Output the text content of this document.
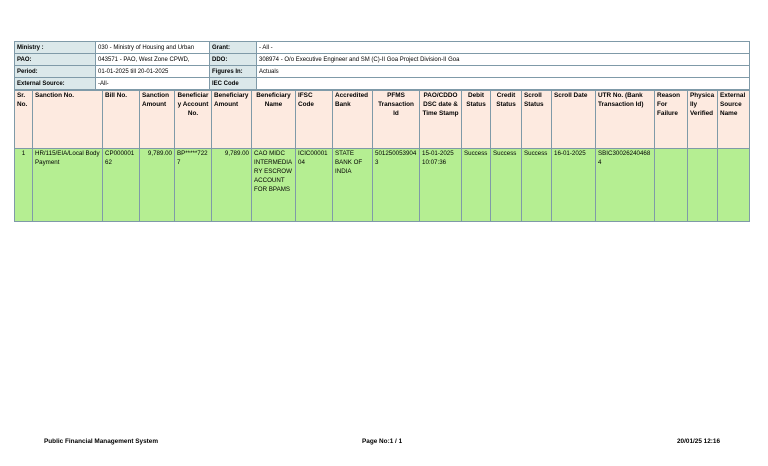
Ministry :	030 - Ministry of Housing and Urban	Grant:	- All -
PAO:	043571 - PAO, West Zone CPWD,	DDO:	308974 - O/o Executive Engineer and SM (C)-II Goa Project Division-II Goa
Period:	01-01-2025 till 20-01-2025	Figures In:	Actuals
External Source:	-All-	IEC Code	
Sr. No.	Sanction No.	Bill No.	Sanction Amount	Beneficiary Account No.	Beneficiary Amount	Beneficiary Name	IFSC Code	Accredited Bank	PFMS Transaction Id	PAO/CDDO DSC date & Time Stamp	Debit Status	Credit Status	Scroll Status	Scroll Date	UTR No. (Bank Transaction Id)	Reason For Failure	Physically Verified	External Source Name
1	HR/115/EIA/Local Body Payment	CP00000162	9,789.00	BP*****7227	9,789.00	CAO MIDC INTERMEDIARY ESCROW ACCOUNT FOR BPAMS	ICIC0000104	STATE BANK OF INDIA	5012500539043	15-01-2025 10:07:36	Success	Success	Success	16-01-2025	SBIC300262404684			
Public Financial Management System	Page No:1 / 1	20/01/25 12:16
